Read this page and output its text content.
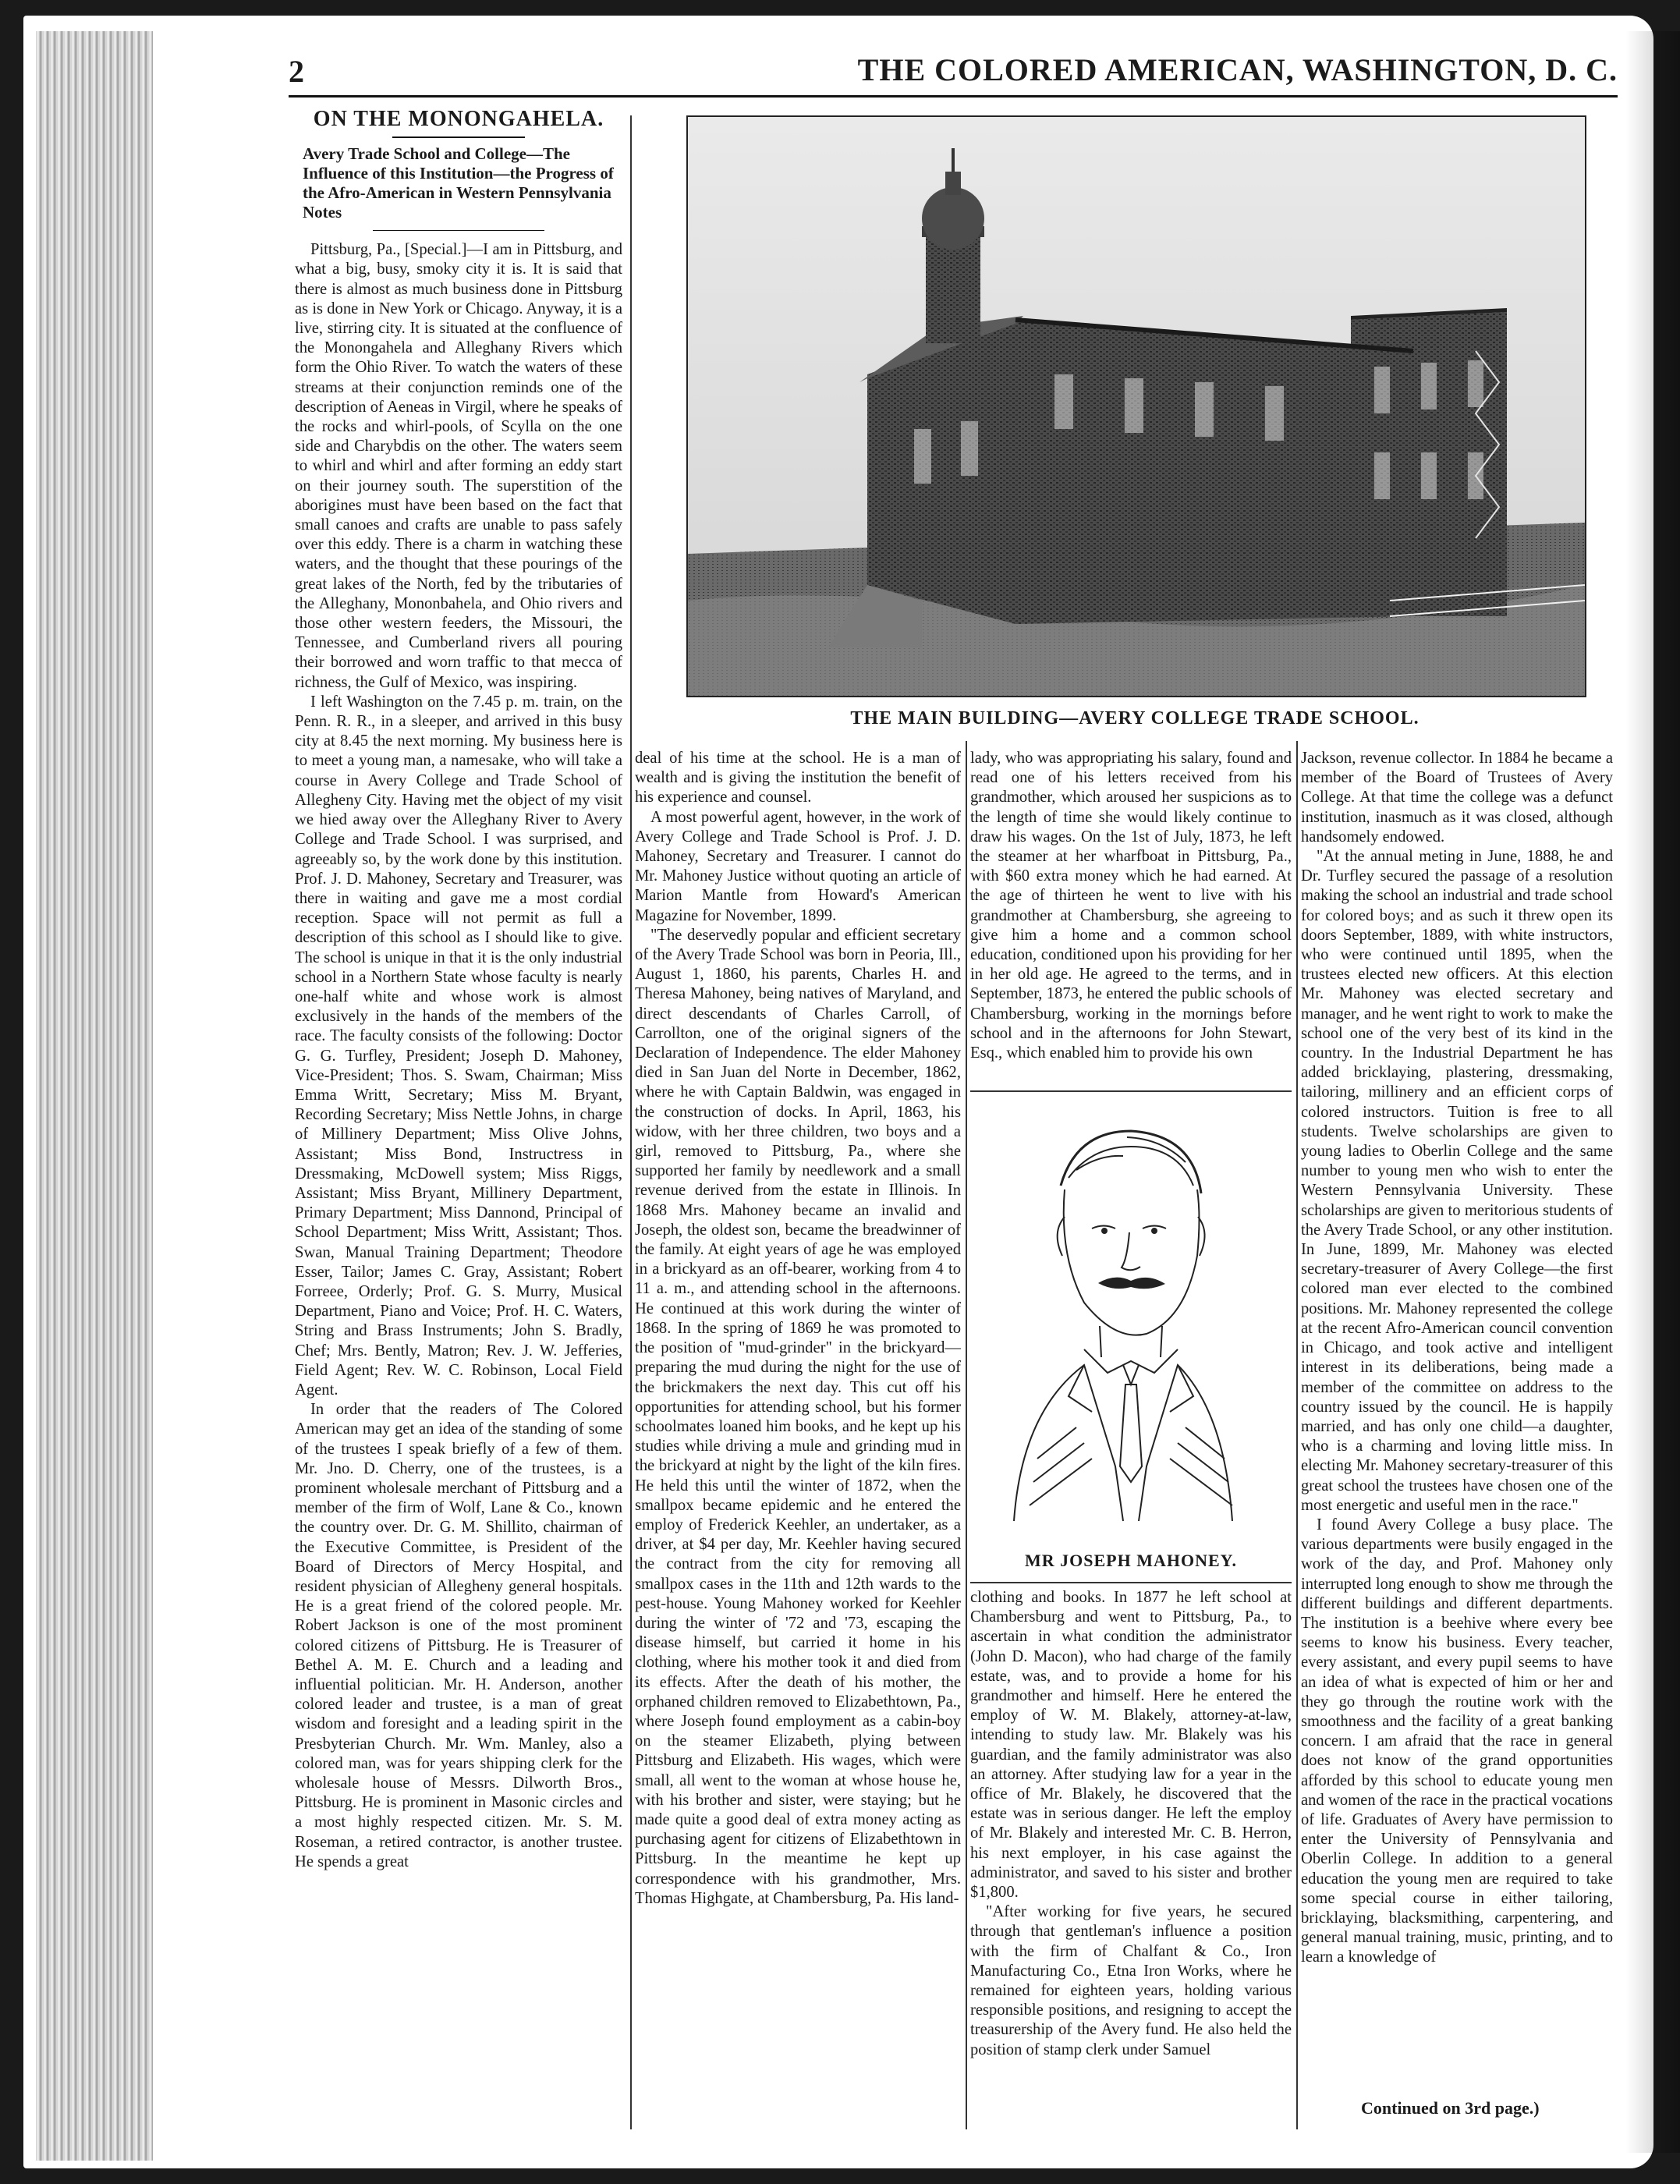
2	THE COLORED AMERICAN, WASHINGTON, D. C.
ON THE MONONGAHELA.
Avery Trade School and College—The Influence of this Institution—the Progress of the Afro-American in Western Pennsylvania Notes

Pittsburg, Pa., [Special.]—I am in Pittsburg, and what a big, busy, smoky city it is. It is said that there is almost as much business done in Pittsburg as is done in New York or Chicago. Anyway, it is a live, stirring city. It is situated at the confluence of the Monongahela and Alleghany Rivers which form the Ohio River. To watch the waters of these streams at their conjunction reminds one of the description of Aeneas in Virgil, where he speaks of the rocks and whirl-pools, of Scylla on the one side and Charybdis on the other. The waters seem to whirl and whirl and after forming an eddy start on their journey south. The superstition of the aborigines must have been based on the fact that small canoes and crafts are unable to pass safely over this eddy. There is a charm in watching these waters, and the thought that these pourings of the great lakes of the North, fed by the tributaries of the Alleghany, Mononbahela, and Ohio rivers and those other western feeders, the Missouri, the Tennessee, and Cumberland rivers all pouring their borrowed and worn traffic to that mecca of richness, the Gulf of Mexico, was inspiring.

I left Washington on the 7.45 p. m. train, on the Penn. R. R., in a sleeper, and arrived in this busy city at 8.45 the next morning. My business here is to meet a young man, a namesake, who will take a course in Avery College and Trade School of Allegheny City. Having met the object of my visit we hied away over the Alleghany River to Avery College and Trade School. I was surprised, and agreeably so, by the work done by this institution. Prof. J. D. Mahoney, Secretary and Treasurer, was there in waiting and gave me a most cordial reception. Space will not permit as full a description of this school as I should like to give. The school is unique in that it is the only industrial school in a Northern State whose faculty is nearly one-half white and whose work is almost exclusively in the hands of the members of the race. The faculty consists of the following: Doctor G. G. Turfley, President; Joseph D. Mahoney, Vice-President; Thos. S. Swam, Chairman; Miss Emma Writt, Secretary; Miss M. Bryant, Recording Secretary; Miss Nettle Johns, in charge of Millinery Department; Miss Olive Johns, Assistant; Miss Bond, Instructress in Dressmaking, McDowell system; Miss Riggs, Assistant; Miss Bryant, Millinery Department, Primary Department; Miss Dannond, Principal of School Department; Miss Writt, Assistant; Thos. Swan, Manual Training Department; Theodore Esser, Tailor; James C. Gray, Assistant; Robert Forreee, Orderly; Prof. G. S. Murry, Musical Department, Piano and Voice; Prof. H. C. Waters, String and Brass Instruments; John S. Bradly, Chef; Mrs. Bently, Matron; Rev. J. W. Jefferies, Field Agent; Rev. W. C. Robinson, Local Field Agent.

In order that the readers of The Colored American may get an idea of the standing of some of the trustees I speak briefly of a few of them. Mr. Jno. D. Cherry, one of the trustees, is a prominent wholesale merchant of Pittsburg and a member of the firm of Wolf, Lane & Co., known the country over. Dr. G. M. Shillito, chairman of the Executive Committee, is President of the Board of Directors of Mercy Hospital, and resident physician of Allegheny general hospitals. He is a great friend of the colored people. Mr. Robert Jackson is one of the most prominent colored citizens of Pittsburg. He is Treasurer of Bethel A. M. E. Church and a leading and influential politician. Mr. H. Anderson, another colored leader and trustee, is a man of great wisdom and foresight and a leading spirit in the Presbyterian Church. Mr. Wm. Manley, also a colored man, was for years shipping clerk for the wholesale house of Messrs. Dilworth Bros., Pittsburg. He is prominent in Masonic circles and a most highly respected citizen. Mr. S. M. Roseman, a retired contractor, is another trustee. He spends a great

THE MAIN BUILDING—AVERY COLLEGE TRADE SCHOOL.

deal of his time at the school. He is a man of wealth and is giving the institution the benefit of his experience and counsel.

A most powerful agent, however, in the work of Avery College and Trade School is Prof. J. D. Mahoney, Secretary and Treasurer. I cannot do Mr. Mahoney Justice without quoting an article of Marion Mantle from Howard's American Magazine for November, 1899.

"The deservedly popular and efficient secretary of the Avery Trade School was born in Peoria, Ill., August 1, 1860, his parents, Charles H. and Theresa Mahoney, being natives of Maryland, and direct descendants of Charles Carroll, of Carrollton, one of the original signers of the Declaration of Independence. The elder Mahoney died in San Juan del Norte in December, 1862, where he with Captain Baldwin, was engaged in the construction of docks. In April, 1863, his widow, with her three children, two boys and a girl, removed to Pittsburg, Pa., where she supported her family by needlework and a small revenue derived from the estate in Illinois. In 1868 Mrs. Mahoney became an invalid and Joseph, the oldest son, became the breadwinner of the family. At eight years of age he was employed in a brickyard as an off-bearer, working from 4 to 11 a. m., and attending school in the afternoons. He continued at this work during the winter of 1868. In the spring of 1869 he was promoted to the position of "mud-grinder" in the brickyard—preparing the mud during the night for the use of the brickmakers the next day. This cut off his opportunities for attending school, but his former schoolmates loaned him books, and he kept up his studies while driving a mule and grinding mud in the brickyard at night by the light of the kiln fires. He held this until the winter of 1872, when the smallpox became epidemic and he entered the employ of Frederick Keehler, an undertaker, as a driver, at $4 per day, Mr. Keehler having secured the contract from the city for removing all smallpox cases in the 11th and 12th wards to the pest-house. Young Mahoney worked for Keehler during the winter of '72 and '73, escaping the disease himself, but carried it home in his clothing, where his mother took it and died from its effects. After the death of his mother, the orphaned children removed to Elizabethtown, Pa., where Joseph found employment as a cabin-boy on the steamer Elizabeth, plying between Pittsburg and Elizabeth. His wages, which were small, all went to the woman at whose house he, with his brother and sister, were staying; but he made quite a good deal of extra money acting as purchasing agent for citizens of Elizabethtown in Pittsburg. In the meantime he kept up correspondence with his grandmother, Mrs. Thomas Highgate, at Chambersburg, Pa. His land-

lady, who was appropriating his salary, found and read one of his letters received from his grandmother, which aroused her suspicions as to the length of time she would likely continue to draw his wages. On the 1st of July, 1873, he left the steamer at her wharfboat in Pittsburg, Pa., with $60 extra money which he had earned. At the age of thirteen he went to live with his grandmother at Chambersburg, she agreeing to give him a home and a common school education, conditioned upon his providing for her in her old age. He agreed to the terms, and in September, 1873, he entered the public schools of Chambersburg, working in the mornings before school and in the afternoons for John Stewart, Esq., which enabled him to provide his own

MR JOSEPH MAHONEY.

clothing and books. In 1877 he left school at Chambersburg and went to Pittsburg, Pa., to ascertain in what condition the administrator (John D. Macon), who had charge of the family estate, was, and to provide a home for his grandmother and himself. Here he entered the employ of W. M. Blakely, attorney-at-law, intending to study law. Mr. Blakely was his guardian, and the family administrator was also an attorney. After studying law for a year in the office of Mr. Blakely, he discovered that the estate was in serious danger. He left the employ of Mr. Blakely and interested Mr. C. B. Herron, his next employer, in his case against the administrator, and saved to his sister and brother $1,800.

"After working for five years, he secured through that gentleman's influence a position with the firm of Chalfant & Co., Iron Manufacturing Co., Etna Iron Works, where he remained for eighteen years, holding various responsible positions, and resigning to accept the treasurership of the Avery fund. He also held the position of stamp clerk under Samuel

Jackson, revenue collector. In 1884 he became a member of the Board of Trustees of Avery College. At that time the college was a defunct institution, inasmuch as it was closed, although handsomely endowed.

"At the annual meting in June, 1888, he and Dr. Turfley secured the passage of a resolution making the school an industrial and trade school for colored boys; and as such it threw open its doors September, 1889, with white instructors, who were continued until 1895, when the trustees elected new officers. At this election Mr. Mahoney was elected secretary and manager, and he went right to work to make the school one of the very best of its kind in the country. In the Industrial Department he has added bricklaying, plastering, dressmaking, tailoring, millinery and an efficient corps of colored instructors. Tuition is free to all students. Twelve scholarships are given to young ladies to Oberlin College and the same number to young men who wish to enter the Western Pennsylvania University. These scholarships are given to meritorious students of the Avery Trade School, or any other institution. In June, 1899, Mr. Mahoney was elected secretary-treasurer of Avery College—the first colored man ever elected to the combined positions. Mr. Mahoney represented the college at the recent Afro-American council convention in Chicago, and took active and intelligent interest in its deliberations, being made a member of the committee on address to the country issued by the council. He is happily married, and has only one child—a daughter, who is a charming and loving little miss. In electing Mr. Mahoney secretary-treasurer of this great school the trustees have chosen one of the most energetic and useful men in the race."

I found Avery College a busy place. The various departments were busily engaged in the work of the day, and Prof. Mahoney only interrupted long enough to show me through the different buildings and different departments. The institution is a beehive where every bee seems to know his business. Every teacher, every assistant, and every pupil seems to have an idea of what is expected of him or her and they go through the routine work with the smoothness and the facility of a great banking concern. I am afraid that the race in general does not know of the grand opportunities afforded by this school to educate young men and women of the race in the practical vocations of life. Graduates of Avery have permission to enter the University of Pennsylvania and Oberlin College. In addition to a general education the young men are required to take some special course in either tailoring, bricklaying, blacksmithing, carpentering, and general manual training, music, printing, and to learn a knowledge of

Continued on 3rd page.)
